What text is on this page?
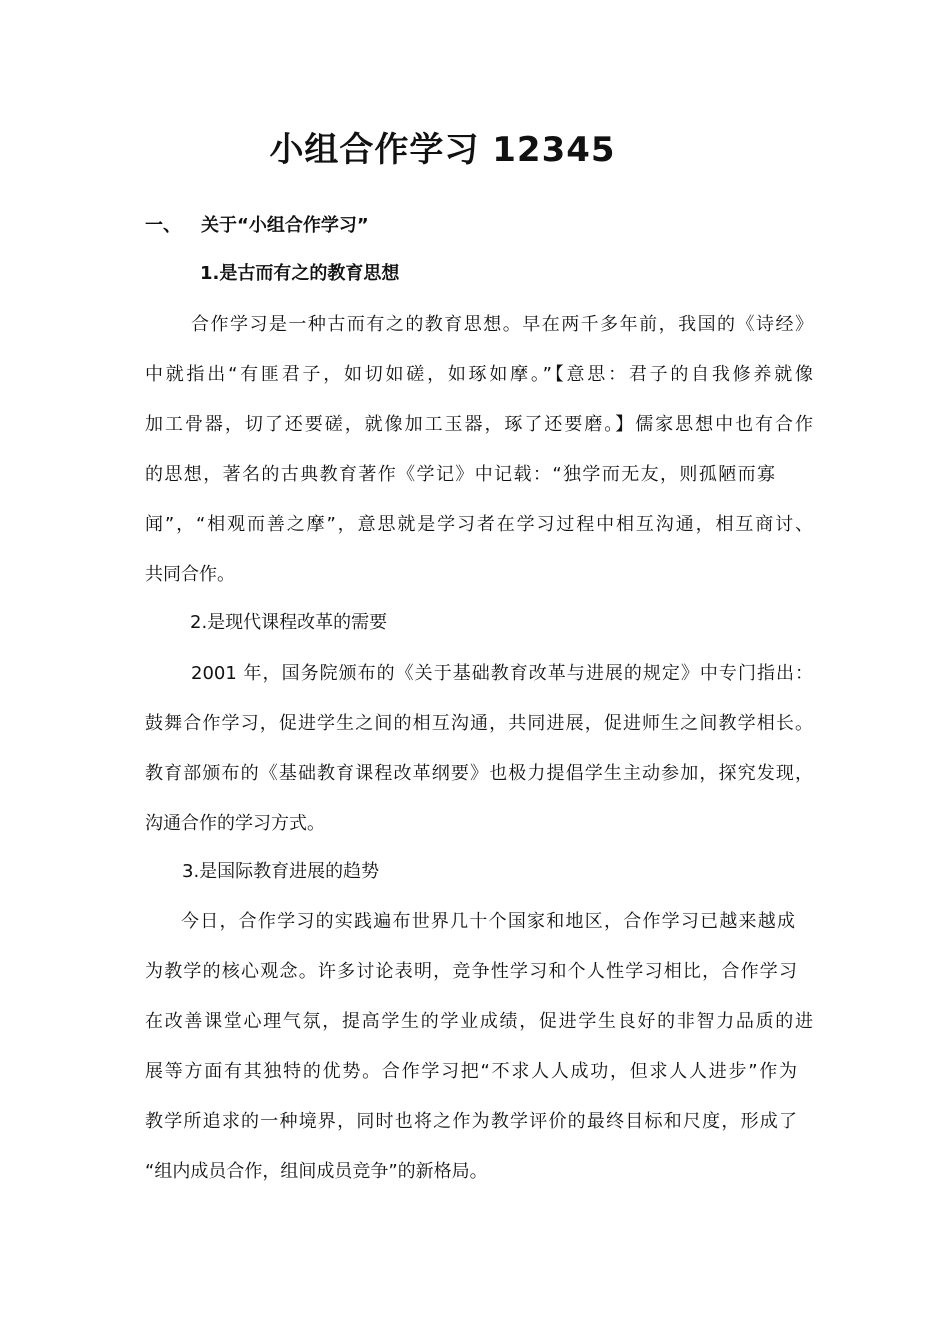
小组合作学习 12345
一、 关于“小组合作学习”
1.是古而有之的教育思想
合作学习是一种古而有之的教育思想。早在两千多年前，我国的《诗经》
中就指出“有匪君子，如切如磋，如琢如摩。”【意思：君子的自我修养就像
加工骨器，切了还要磋，就像加工玉器，琢了还要磨。】儒家思想中也有合作
的思想，著名的古典教育著作《学记》中记载：“独学而无友，则孤陋而寡
闻”，“相观而善之摩”，意思就是学习者在学习过程中相互沟通，相互商讨、
共同合作。
2.是现代课程改革的需要
2001 年，国务院颁布的《关于基础教育改革与进展的规定》中专门指出：
鼓舞合作学习，促进学生之间的相互沟通，共同进展，促进师生之间教学相长。
教育部颁布的《基础教育课程改革纲要》也极力提倡学生主动参加，探究发现，
沟通合作的学习方式。
3.是国际教育进展的趋势
今日，合作学习的实践遍布世界几十个国家和地区，合作学习已越来越成
为教学的核心观念。许多讨论表明，竞争性学习和个人性学习相比，合作学习
在改善课堂心理气氛，提高学生的学业成绩，促进学生良好的非智力品质的进
展等方面有其独特的优势。合作学习把“不求人人成功，但求人人进步”作为
教学所追求的一种境界，同时也将之作为教学评价的最终目标和尺度，形成了
“组内成员合作，组间成员竞争”的新格局。
